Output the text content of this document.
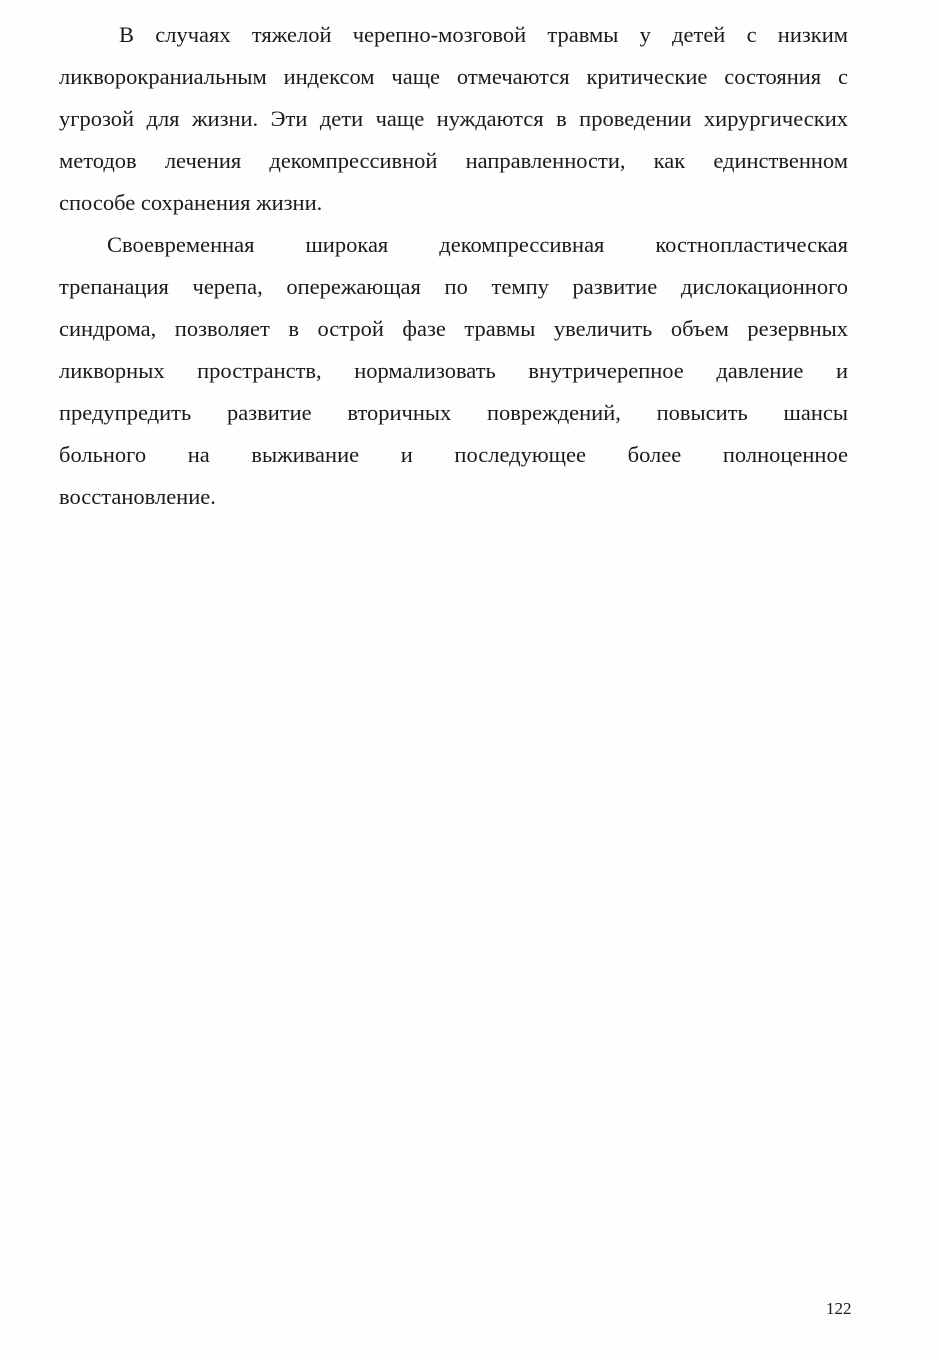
В случаях тяжелой черепно-мозговой травмы у детей с низким
ликворокраниальным индексом чаще отмечаются критические состояния с
угрозой для жизни. Эти дети чаще нуждаются в проведении хирургических
методов лечения декомпрессивной направленности, как единственном
способе сохранения жизни.
Своевременная широкая декомпрессивная костнопластическая
трепанация черепа, опережающая по темпу развитие дислокационного
синдрома, позволяет в острой фазе травмы увеличить объем резервных
ликворных пространств, нормализовать внутричерепное давление и
предупредить развитие вторичных повреждений, повысить шансы
больного на выживание и последующее более полноценное
восстановление.
122
